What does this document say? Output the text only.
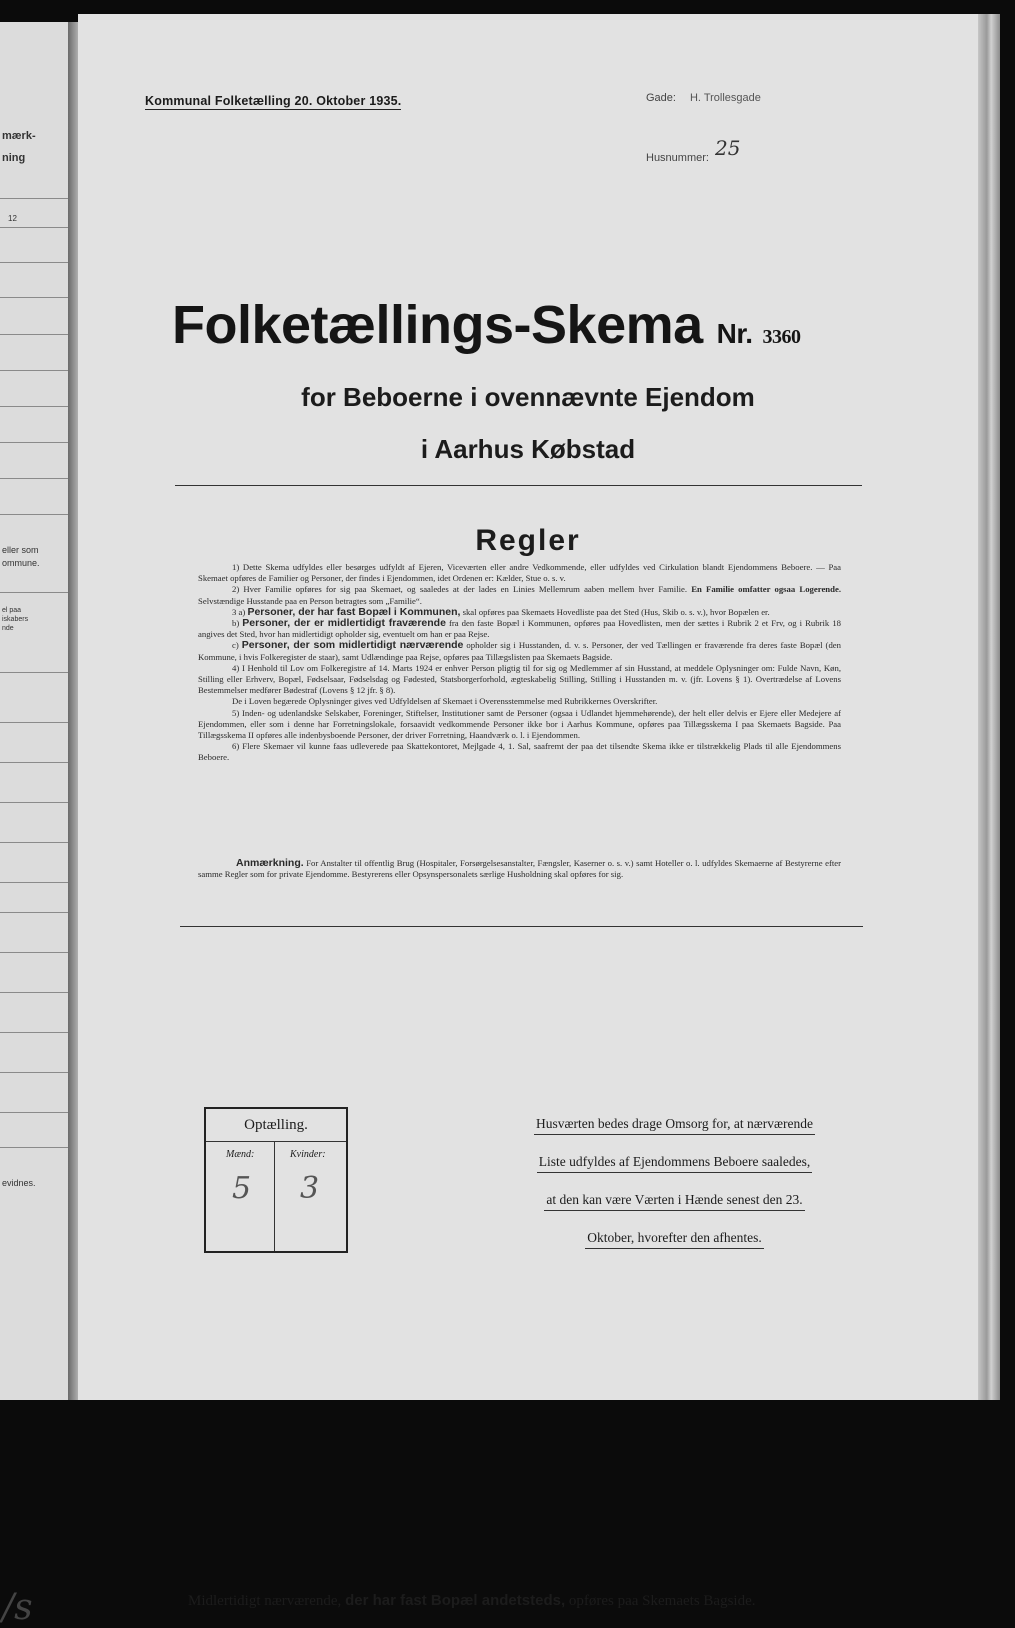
mærk-
ning
12
eller som
ommune.
el paa
iskabers
nde
evidnes.
/s
Kommunal Folketælling 20. Oktober 1935.	Gade: H. Trollesgade
Husnummer: 25
Folketællings-Skema Nr. 3360
for Beboerne i ovennævnte Ejendom
i Aarhus Købstad
Regler

1) Dette Skema udfyldes eller besørges udfyldt af Ejeren, Viceværten eller andre Vedkommende, eller udfyldes ved Cirkulation blandt Ejendommens Beboere. — Paa Skemaet opføres de Familier og Personer, der findes i Ejendommen, idet Ordenen er: Kælder, Stue o. s. v.

2) Hver Familie opføres for sig paa Skemaet, og saaledes at der lades en Linies Mellemrum aaben mellem hver Familie. En Familie omfatter ogsaa Logerende. Selvstændige Husstande paa en Person betragtes som „Familie“.

3 a) Personer, der har fast Bopæl i Kommunen, skal opføres paa Skemaets Hovedliste paa det Sted (Hus, Skib o. s. v.), hvor Bopælen er.

b) Personer, der er midlertidigt fraværende fra den faste Bopæl i Kommunen, opføres paa Hovedlisten, men der sættes i Rubrik 2 et Frv, og i Rubrik 18 angives det Sted, hvor han midlertidigt opholder sig, eventuelt om han er paa Rejse.

c) Personer, der som midlertidigt nærværende opholder sig i Husstanden, d. v. s. Personer, der ved Tællingen er fraværende fra deres faste Bopæl (den Kommune, i hvis Folkeregister de staar), samt Udlændinge paa Rejse, opføres paa Tillægslisten paa Skemaets Bagside.

4) I Henhold til Lov om Folkeregistre af 14. Marts 1924 er enhver Person pligtig til for sig og Medlemmer af sin Husstand, at meddele Oplysninger om: Fulde Navn, Køn, Stilling eller Erhverv, Bopæl, Fødselsaar, Fødselsdag og Fødested, Statsborgerforhold, ægteskabelig Stilling, Stilling i Husstanden m. v. (jfr. Lovens § 1). Overtrædelse af Lovens Bestemmelser medfører Bødestraf (Lovens § 12 jfr. § 8).

De i Loven begærede Oplysninger gives ved Udfyldelsen af Skemaet i Overensstemmelse med Rubrikkernes Overskrifter.

5) Inden- og udenlandske Selskaber, Foreninger, Stiftelser, Institutioner samt de Personer (ogsaa i Udlandet hjemmehørende), der helt eller delvis er Ejere eller Medejere af Ejendommen, eller som i denne har Forretningslokale, forsaavidt vedkommende Personer ikke bor i Aarhus Kommune, opføres paa Tillægsskema I paa Skemaets Bagside. Paa Tillægsskema II opføres alle indenbysboende Personer, der driver Forretning, Haandværk o. l. i Ejendommen.

6) Flere Skemaer vil kunne faas udleverede paa Skattekontoret, Mejlgade 4, 1. Sal, saafremt der paa det tilsendte Skema ikke er tilstrækkelig Plads til alle Ejendommens Beboere.

Anmærkning. For Anstalter til offentlig Brug (Hospitaler, Forsørgelsesanstalter, Fængsler, Kaserner o. s. v.) samt Hoteller o. l. udfyldes Skemaerne af Bestyrerne efter samme Regler som for private Ejendomme. Bestyrerens eller Opsynspersonalets særlige Husholdning skal opføres for sig.

Optælling.
Mænd:	Kvinder:
5 3
Husværten bedes drage Omsorg for, at nærværende
Liste udfyldes af Ejendommens Beboere saaledes,
at den kan være Værten i Hænde senest den 23.
Oktober, hvorefter den afhentes.
Midlertidigt nærværende, der har fast Bopæl andetsteds, opføres paa Skemaets Bagside.
